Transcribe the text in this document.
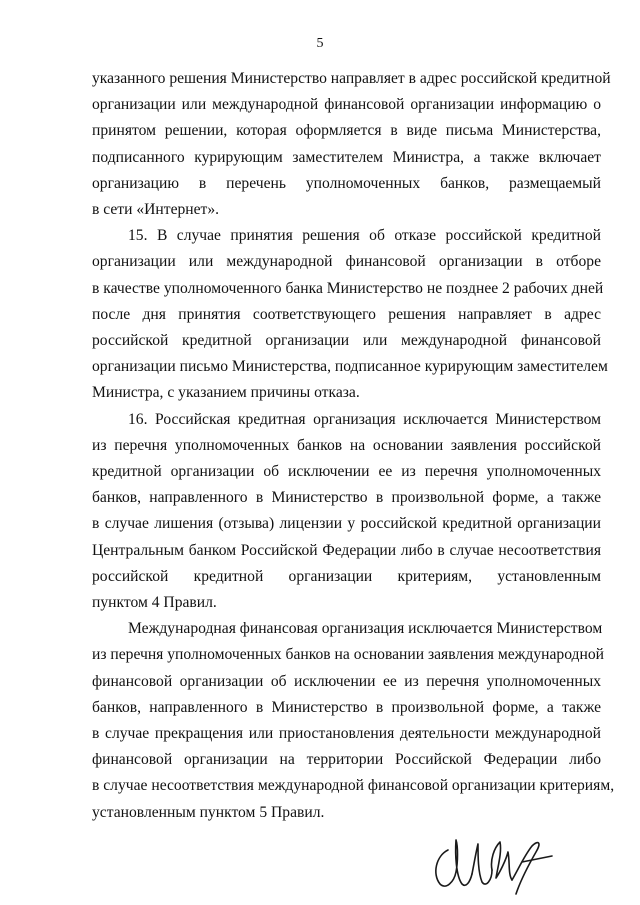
5

указанного решения Министерство направляет в адрес российской кредитной
организации или международной финансовой организации информацию о
принятом решении, которая оформляется в виде письма Министерства,
подписанного курирующим заместителем Министра, а также включает
организацию в перечень уполномоченных банков, размещаемый
в сети «Интернет».

15. В случае принятия решения об отказе российской кредитной
организации или международной финансовой организации в отборе
в качестве уполномоченного банка Министерство не позднее 2 рабочих дней
после дня принятия соответствующего решения направляет в адрес
российской кредитной организации или международной финансовой
организации письмо Министерства, подписанное курирующим заместителем
Министра, с указанием причины отказа.

16. Российская кредитная организация исключается Министерством
из перечня уполномоченных банков на основании заявления российской
кредитной организации об исключении ее из перечня уполномоченных
банков, направленного в Министерство в произвольной форме, а также
в случае лишения (отзыва) лицензии у российской кредитной организации
Центральным банком Российской Федерации либо в случае несоответствия
российской кредитной организации критериям, установленным
пунктом 4 Правил.

Международная финансовая организация исключается Министерством
из перечня уполномоченных банков на основании заявления международной
финансовой организации об исключении ее из перечня уполномоченных
банков, направленного в Министерство в произвольной форме, а также
в случае прекращения или приостановления деятельности международной
финансовой организации на территории Российской Федерации либо
в случае несоответствия международной финансовой организации критериям,
установленным пунктом 5 Правил.
